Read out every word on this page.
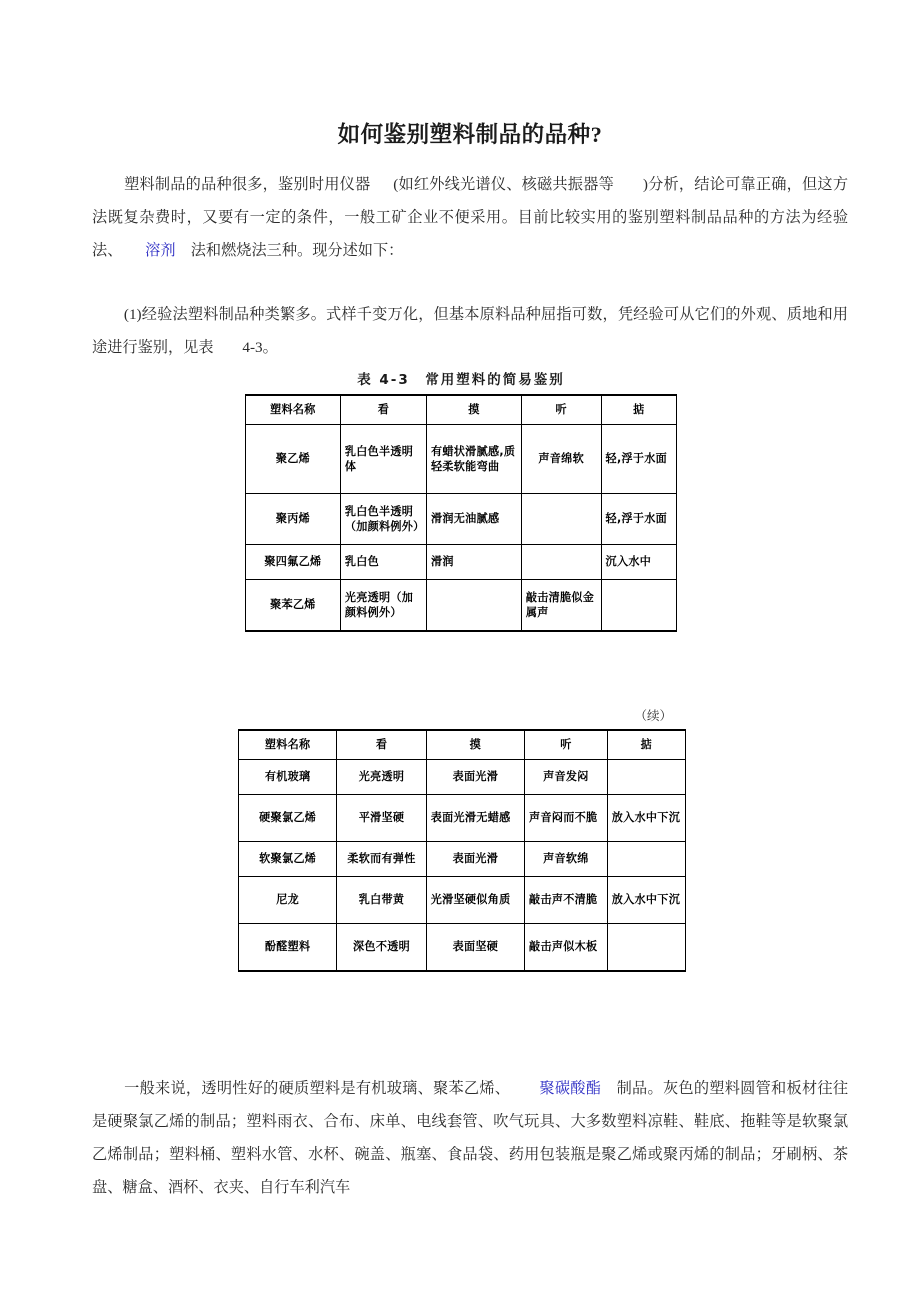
如何鉴别塑料制品的品种?
塑料制品的品种很多，鉴别时用仪器 (如红外线光谱仪、核磁共振器等 )分析，结论可靠正确，但这方法既复杂费时，又要有一定的条件，一般工矿企业不便采用。目前比较实用的鉴别塑料制品品种的方法为经验法、 溶剂 法和燃烧法三种。现分述如下：
(1)经验法塑料制品种类繁多。式样千变万化，但基本原料品种屈指可数，凭经验可从它们的外观、质地和用途进行鉴别，见表 4-3。
表 4-3　常用塑料的简易鉴别
塑料名称	看	摸	听	掂
聚乙烯	乳白色半透明体	有蜡状滑腻感,质轻柔软能弯曲	声音绵软	轻,浮于水面
聚丙烯	乳白色半透明（加颜料例外）	滑润无油腻感		轻,浮于水面
聚四氟乙烯	乳白色	滑润		沉入水中
聚苯乙烯	光亮透明（加颜料例外）		敲击清脆似金属声	
（续）
塑料名称	看	摸	听	掂
有机玻璃	光亮透明	表面光滑	声音发闷	
硬聚氯乙烯	平滑坚硬	表面光滑无蜡感	声音闷而不脆	放入水中下沉
软聚氯乙烯	柔软而有弹性	表面光滑	声音软绵	
尼龙	乳白带黄	光滑坚硬似角质	敲击声不清脆	放入水中下沉
酚醛塑料	深色不透明	表面坚硬	敲击声似木板	
一般来说，透明性好的硬质塑料是有机玻璃、聚苯乙烯、 聚碳酸酯 制品。灰色的塑料圆管和板材往往是硬聚氯乙烯的制品；塑料雨衣、合布、床单、电线套管、吹气玩具、大多数塑料凉鞋、鞋底、拖鞋等是软聚氯乙烯制品；塑料桶、塑料水管、水杯、碗盖、瓶塞、食品袋、药用包装瓶是聚乙烯或聚丙烯的制品；牙刷柄、茶盘、糖盒、酒杯、衣夹、自行车利汽车
